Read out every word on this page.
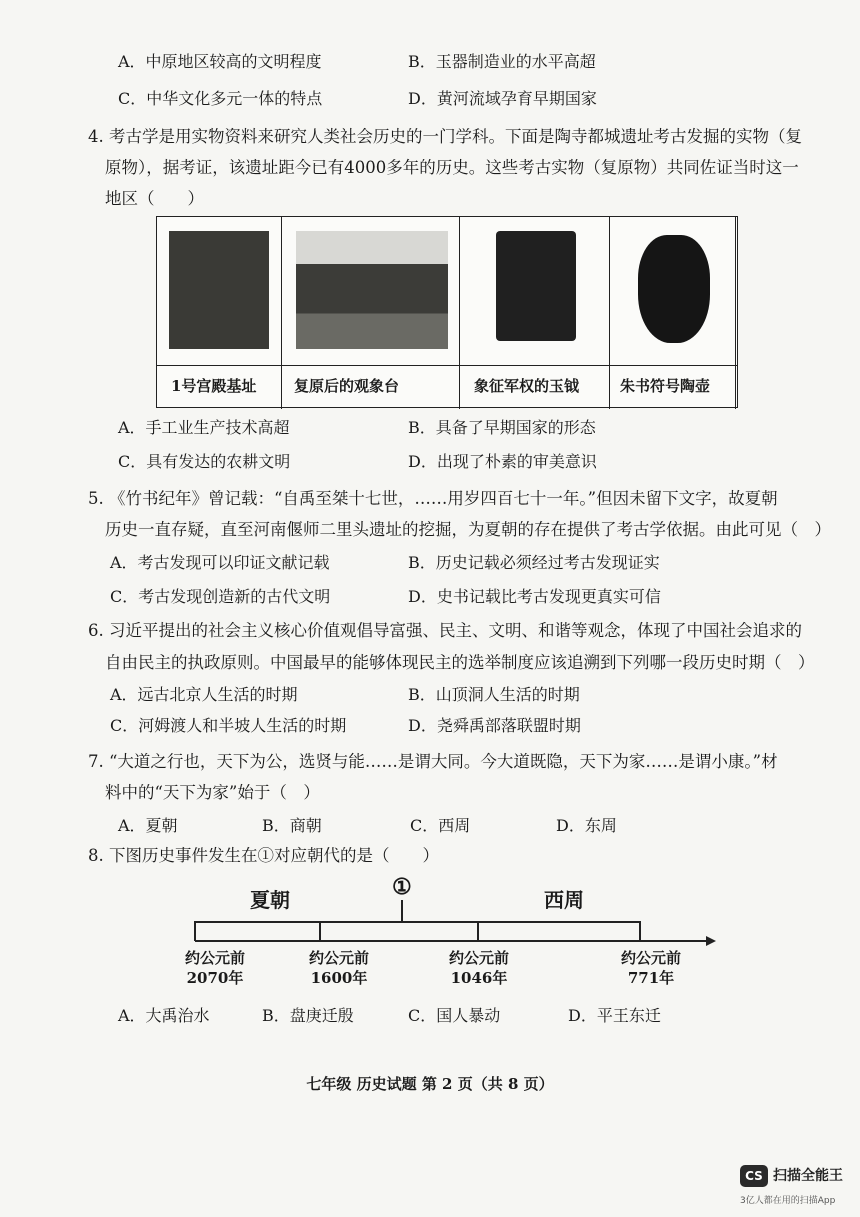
A．中原地区较高的文明程度	B．玉器制造业的水平高超
C．中华文化多元一体的特点	D．黄河流域孕育早期国家
4. 考古学是用实物资料来研究人类社会历史的一门学科。下面是陶寺都城遗址考古发掘的实物（复
原物），据考证，该遗址距今已有4000多年的历史。这些考古实物（复原物）共同佐证当时这一
地区（　　）
1号宫殿基址	复原后的观象台	象征军权的玉钺	朱书符号陶壶
A．手工业生产技术高超	B．具备了早期国家的形态
C．具有发达的农耕文明	D．出现了朴素的审美意识
5. 《竹书纪年》曾记载：“自禹至桀十七世，……用岁四百七十一年。”但因未留下文字，故夏朝
历史一直存疑，直至河南偃师二里头遗址的挖掘，为夏朝的存在提供了考古学依据。由此可见（　）
A．考古发现可以印证文献记载	B．历史记载必须经过考古发现证实
C．考古发现创造新的古代文明	D．史书记载比考古发现更真实可信
6. 习近平提出的社会主义核心价值观倡导富强、民主、文明、和谐等观念，体现了中国社会追求的
自由民主的执政原则。中国最早的能够体现民主的选举制度应该追溯到下列哪一段历史时期（　）
A．远古北京人生活的时期	B．山顶洞人生活的时期
C．河姆渡人和半坡人生活的时期	D．尧舜禹部落联盟时期
7. “大道之行也，天下为公，选贤与能……是谓大同。今大道既隐，天下为家……是谓小康。”材
料中的“天下为家”始于（　）
A．夏朝	B．商朝	C．西周	D．东周
8. 下图历史事件发生在①对应朝代的是（　　）
夏朝	①	西周
约公元前
2070年
约公元前
1600年
约公元前
1046年
约公元前
771年
A．大禹治水	B．盘庚迁殷	C．国人暴动	D．平王东迁
七年级 历史试题 第 2 页（共 8 页）
CS 扫描全能王
3亿人都在用的扫描App
